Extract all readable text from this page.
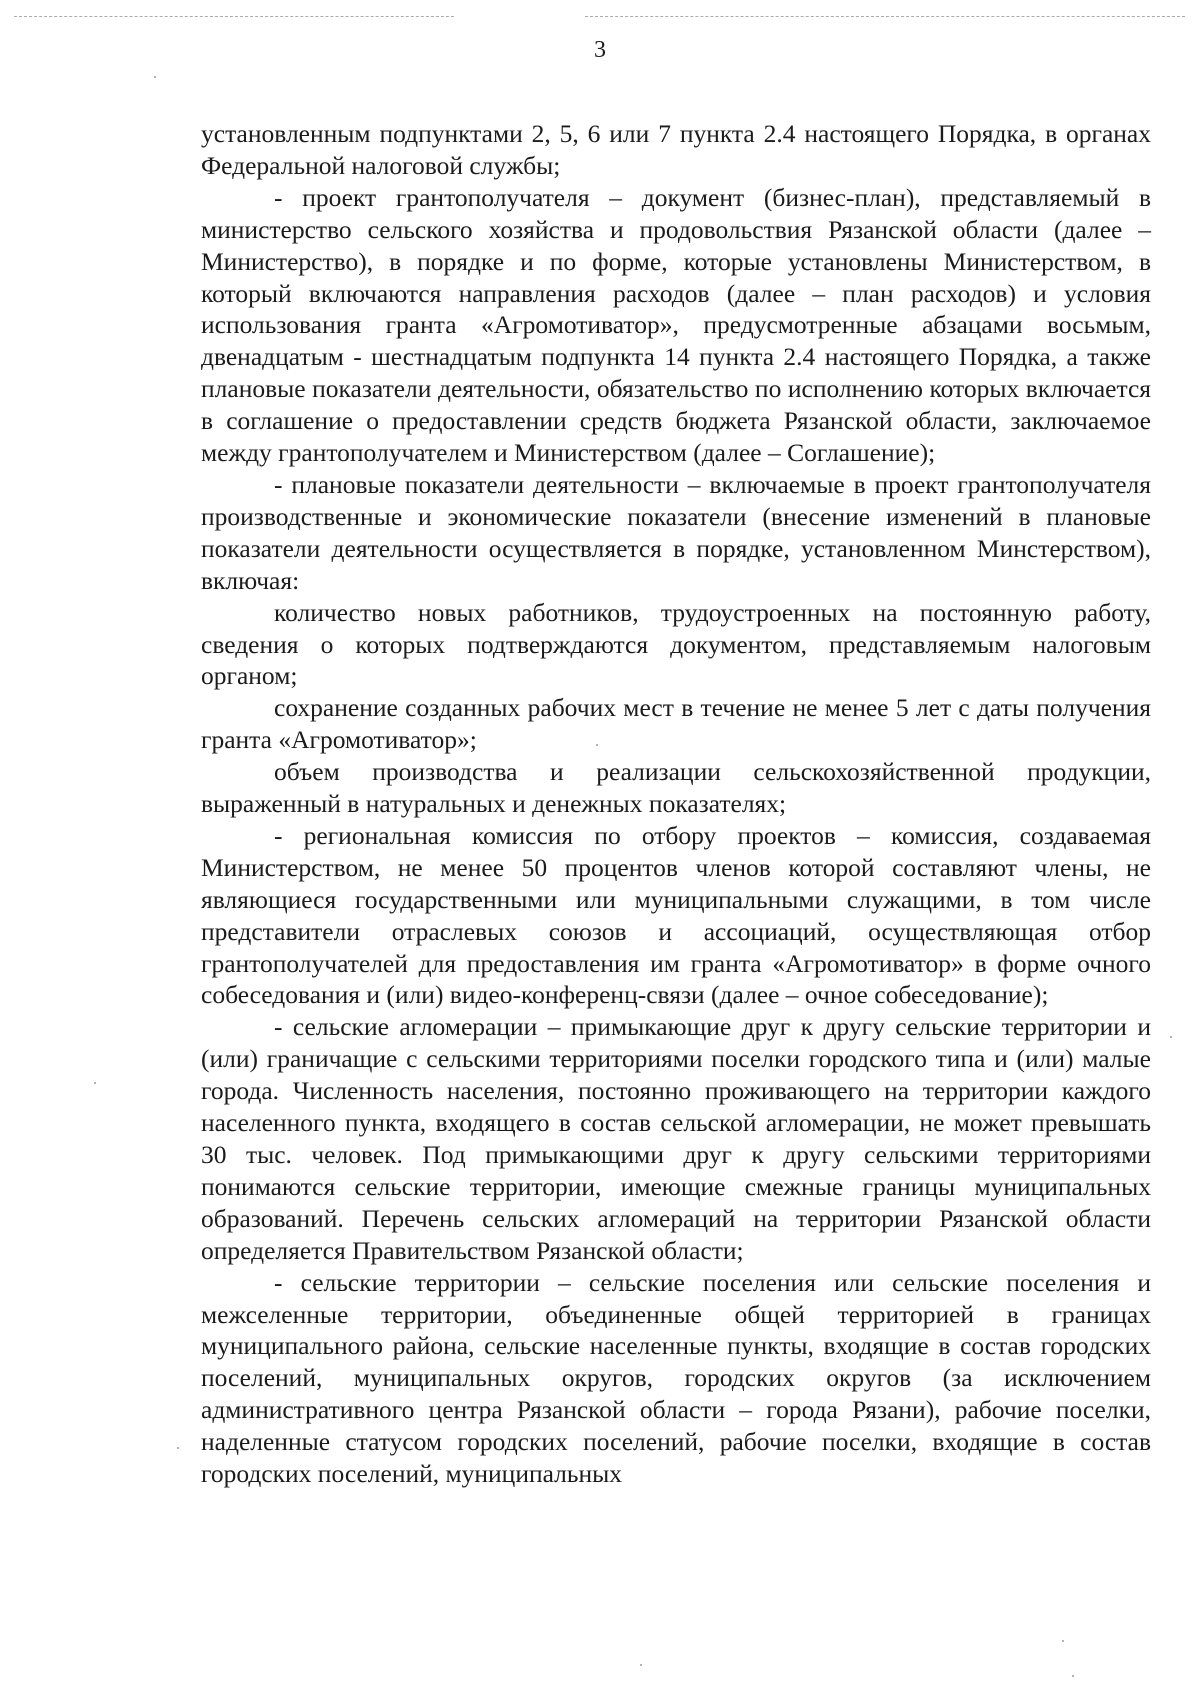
3

установленным подпунктами 2, 5, 6 или 7 пункта 2.4 настоящего Порядка, в органах Федеральной налоговой службы;

- проект грантополучателя – документ (бизнес-план), представляемый в министерство сельского хозяйства и продовольствия Рязанской области (далее – Министерство), в порядке и по форме, которые установлены Министерством, в который включаются направления расходов (далее – план расходов) и условия использования гранта «Агромотиватор», предусмотренные абзацами восьмым, двенадцатым - шестнадцатым подпункта 14 пункта 2.4 настоящего Порядка, а также плановые показатели деятельности, обязательство по исполнению которых включается в соглашение о предоставлении средств бюджета Рязанской области, заключаемое между грантополучателем и Министерством (далее – Соглашение);

- плановые показатели деятельности – включаемые в проект грантополучателя производственные и экономические показатели (внесение изменений в плановые показатели деятельности осуществляется в порядке, установленном Минстерством), включая:

количество новых работников, трудоустроенных на постоянную работу, сведения о которых подтверждаются документом, представляемым налоговым органом;

сохранение созданных рабочих мест в течение не менее 5 лет с даты получения гранта «Агромотиватор»;

объем производства и реализации сельскохозяйственной продукции, выраженный в натуральных и денежных показателях;

- региональная комиссия по отбору проектов – комиссия, создаваемая Министерством, не менее 50 процентов членов которой составляют члены, не являющиеся государственными или муниципальными служащими, в том числе представители отраслевых союзов и ассоциаций, осуществляющая отбор грантополучателей для предоставления им гранта «Агромотиватор» в форме очного собеседования и (или) видео-конференц-связи (далее – очное собеседование);

- сельские агломерации – примыкающие друг к другу сельские территории и (или) граничащие с сельскими территориями поселки городского типа и (или) малые города. Численность населения, постоянно проживающего на территории каждого населенного пункта, входящего в состав сельской агломерации, не может превышать 30 тыс. человек. Под примыкающими друг к другу сельскими территориями понимаются сельские территории, имеющие смежные границы муниципальных образований. Перечень сельских агломераций на территории Рязанской области определяется Правительством Рязанской области;

- сельские территории – сельские поселения или сельские поселения и межселенные территории, объединенные общей территорией в границах муниципального района, сельские населенные пункты, входящие в состав городских поселений, муниципальных округов, городских округов (за исключением административного центра Рязанской области – города Рязани), рабочие поселки, наделенные статусом городских поселений, рабочие поселки, входящие в состав городских поселений, муниципальных
